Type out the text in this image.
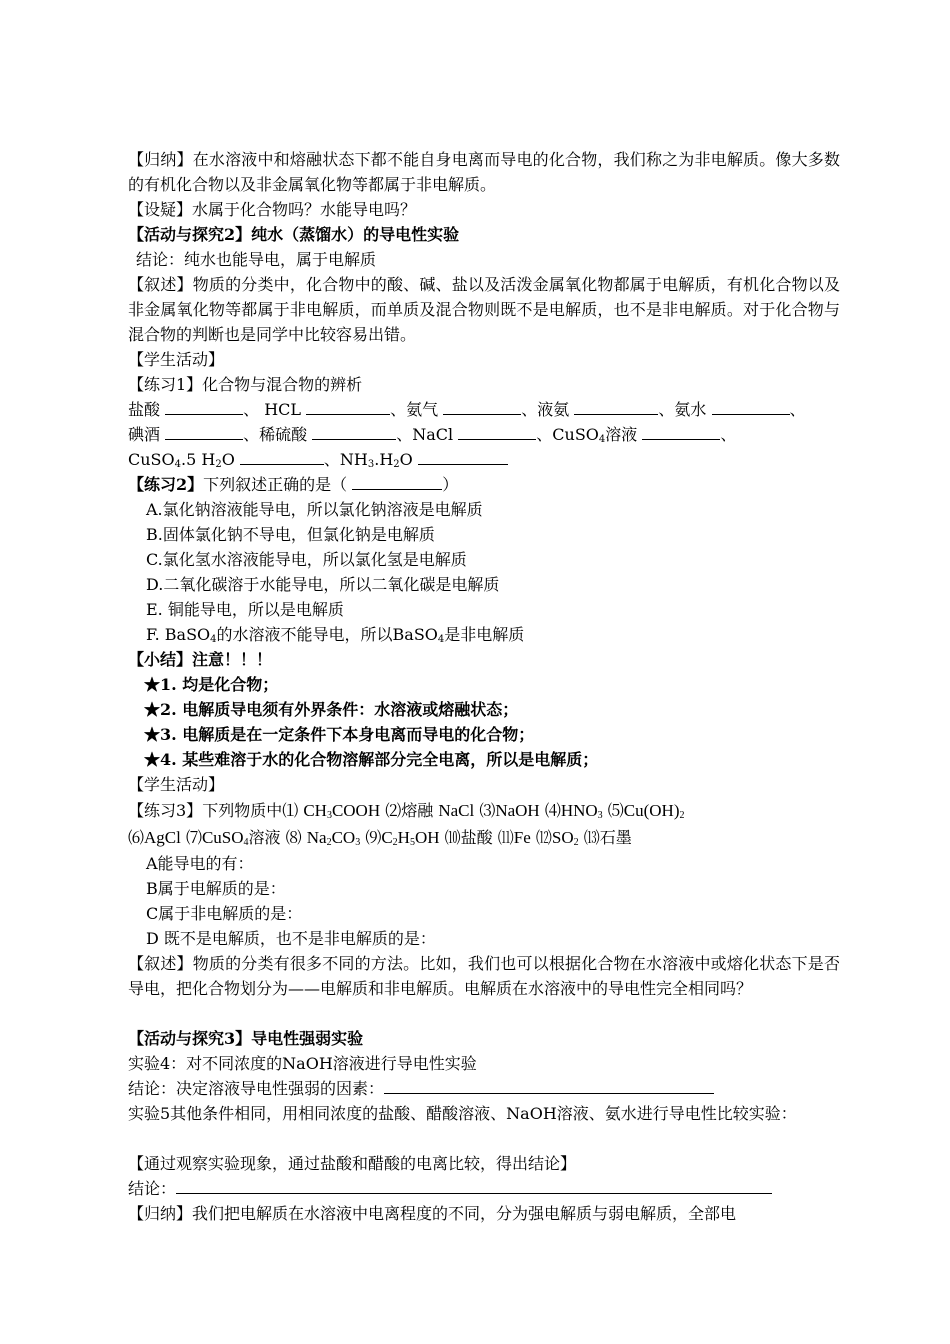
【归纳】在水溶液中和熔融状态下都不能自身电离而导电的化合物，我们称之为非电解质。像大多数的有机化合物以及非金属氧化物等都属于非电解质。
【设疑】水属于化合物吗？水能导电吗？
【活动与探究2】纯水（蒸馏水）的导电性实验
结论：纯水也能导电，属于电解质
【叙述】物质的分类中，化合物中的酸、碱、盐以及活泼金属氧化物都属于电解质，有机化合物以及非金属氧化物等都属于非电解质，而单质及混合物则既不是电解质，也不是非电解质。对于化合物与混合物的判断也是同学中比较容易出错。
【学生活动】
【练习1】化合物与混合物的辨析
盐酸	、 HCL	、氨气	、液氨	、氨水	、
碘酒	、稀硫酸	、NaCl	、CuSO$_4$溶液	、
CuSO$_4$.5 $H_2O$	、$NH_3.H_2O$
【练习2】下列叙述正确的是（	）
A.氯化钠溶液能导电，所以氯化钠溶液是电解质
B.固体氯化钠不导电，但氯化钠是电解质
C.氯化氢水溶液能导电，所以氯化氢是电解质
D.二氧化碳溶于水能导电，所以二氧化碳是电解质
E. 铜能导电，所以是电解质
F. BaSO$_4$的水溶液不能导电，所以BaSO$_4$是非电解质
【小结】注意！！！
★1. 均是化合物；
★2. 电解质导电须有外界条件：水溶液或熔融状态；
★3. 电解质是在一定条件下本身电离而导电的化合物；
★4. 某些难溶于水的化合物溶解部分完全电离，所以是电解质；
【学生活动】
【练习3】下列物质中⑴ $CH_3COOH$ ⑵熔融 NaCl ⑶NaOH $⑷HNO_3$ $⑸Cu(OH)_2$
⑹AgCl ⑺CuSO$_4$溶液 ⑻ $Na_2CO_3$ $⑼C_2H_5OH$ ⑽盐酸 ⑾Fe $⑿SO_2$ ⒀石墨
A能导电的有：
B属于电解质的是：
C属于非电解质的是：
D 既不是电解质，也不是非电解质的是：
【叙述】物质的分类有很多不同的方法。比如，我们也可以根据化合物在水溶液中或熔化状态下是否导电，把化合物划分为——电解质和非电解质。电解质在水溶液中的导电性完全相同吗？
【活动与探究3】导电性强弱实验
实验4：对不同浓度的NaOH溶液进行导电性实验
结论：决定溶液导电性强弱的因素：
实验5其他条件相同，用相同浓度的盐酸、醋酸溶液、NaOH溶液、氨水进行导电性比较实验：
【通过观察实验现象，通过盐酸和醋酸的电离比较，得出结论】
结论：
【归纳】我们把电解质在水溶液中电离程度的不同，分为强电解质与弱电解质，全部电
